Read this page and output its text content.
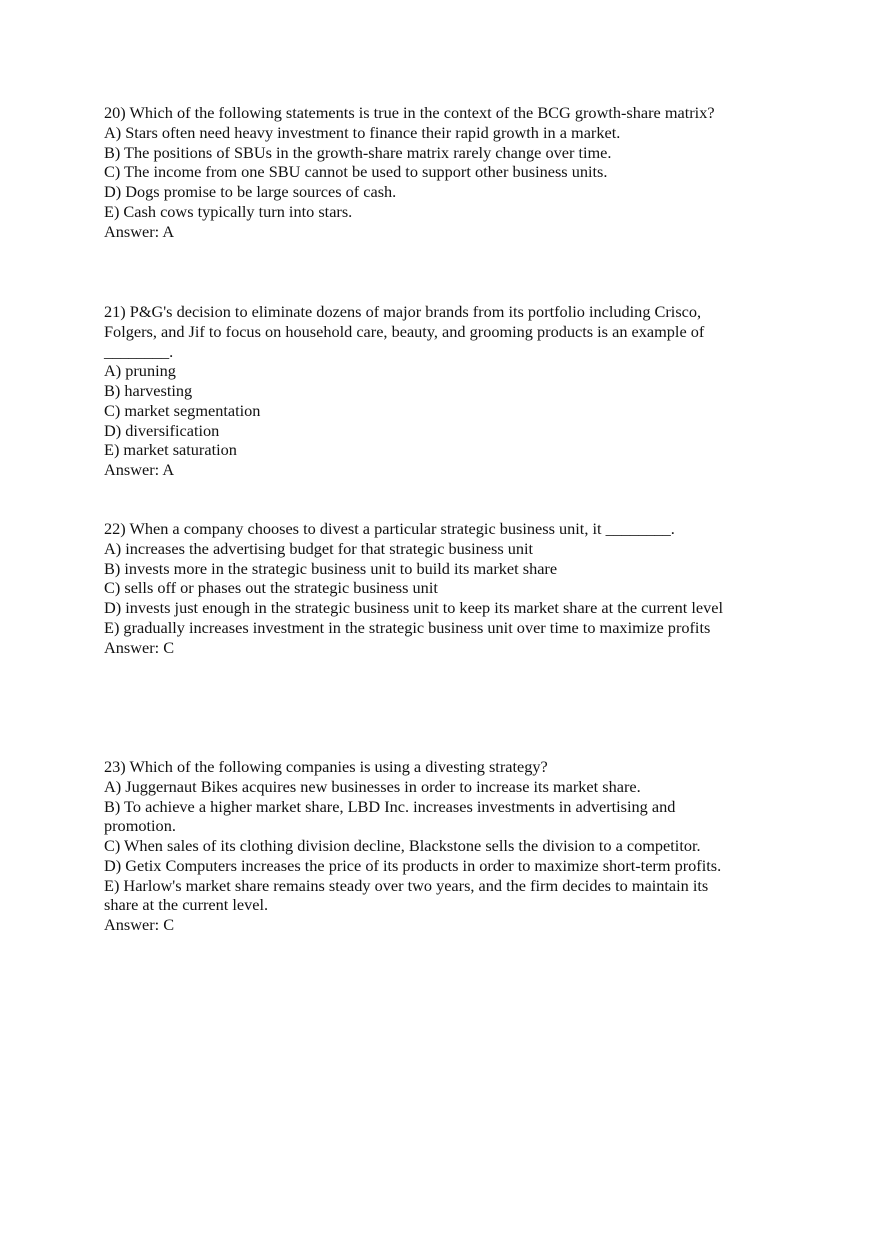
20) Which of the following statements is true in the context of the BCG growth-share matrix?
A) Stars often need heavy investment to finance their rapid growth in a market.
B) The positions of SBUs in the growth-share matrix rarely change over time.
C) The income from one SBU cannot be used to support other business units.
D) Dogs promise to be large sources of cash.
E) Cash cows typically turn into stars.
Answer: A
21) P&G's decision to eliminate dozens of major brands from its portfolio including Crisco,
Folgers, and Jif to focus on household care, beauty, and grooming products is an example of
________.
A) pruning
B) harvesting
C) market segmentation
D) diversification
E) market saturation
Answer: A
22) When a company chooses to divest a particular strategic business unit, it ________.
A) increases the advertising budget for that strategic business unit
B) invests more in the strategic business unit to build its market share
C) sells off or phases out the strategic business unit
D) invests just enough in the strategic business unit to keep its market share at the current level
E) gradually increases investment in the strategic business unit over time to maximize profits
Answer: C
23) Which of the following companies is using a divesting strategy?
A) Juggernaut Bikes acquires new businesses in order to increase its market share.
B) To achieve a higher market share, LBD Inc. increases investments in advertising and
promotion.
C) When sales of its clothing division decline, Blackstone sells the division to a competitor.
D) Getix Computers increases the price of its products in order to maximize short-term profits.
E) Harlow's market share remains steady over two years, and the firm decides to maintain its
share at the current level.
Answer: C
